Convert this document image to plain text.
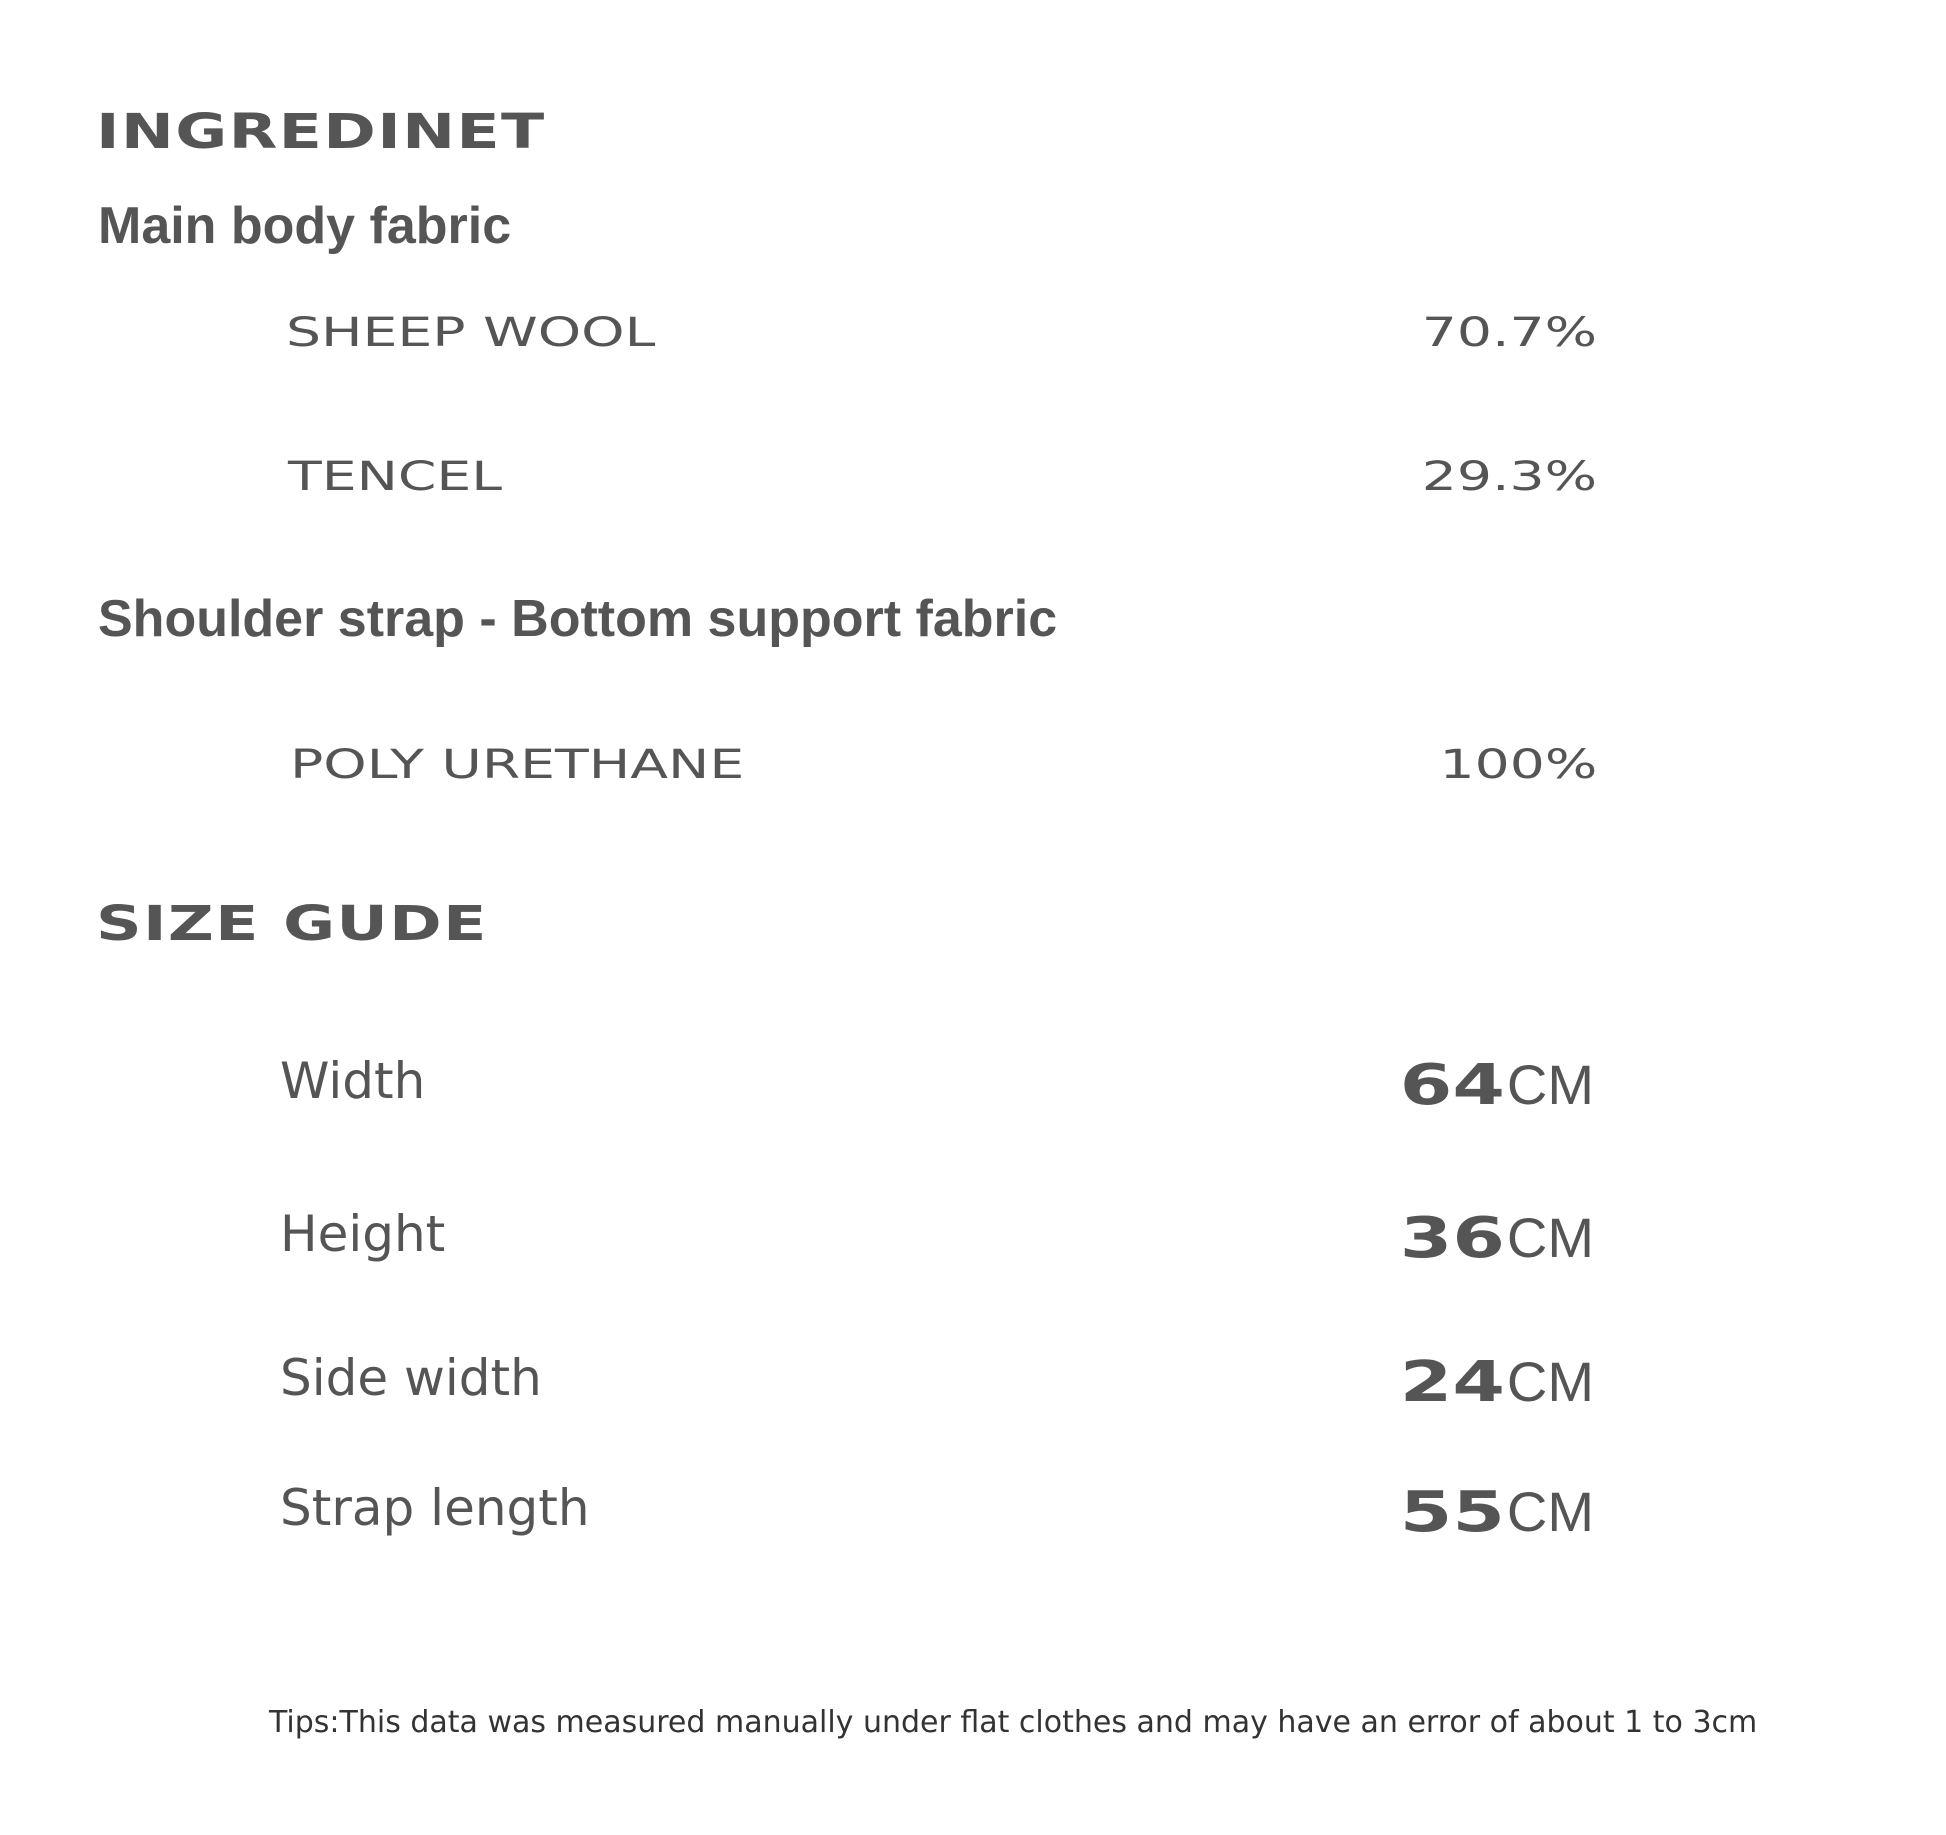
INGREDINET
Main body fabric
SHEEP WOOL	70.7%
TENCEL	29.3%
Shoulder strap - Bottom support fabric
POLY URETHANE	100%
SIZE GUDE
Width	64 CM
Height	36 CM
Side width	24 CM
Strap length	55 CM
Tips:This data was measured manually under flat clothes and may have an error of about 1 to 3cm
